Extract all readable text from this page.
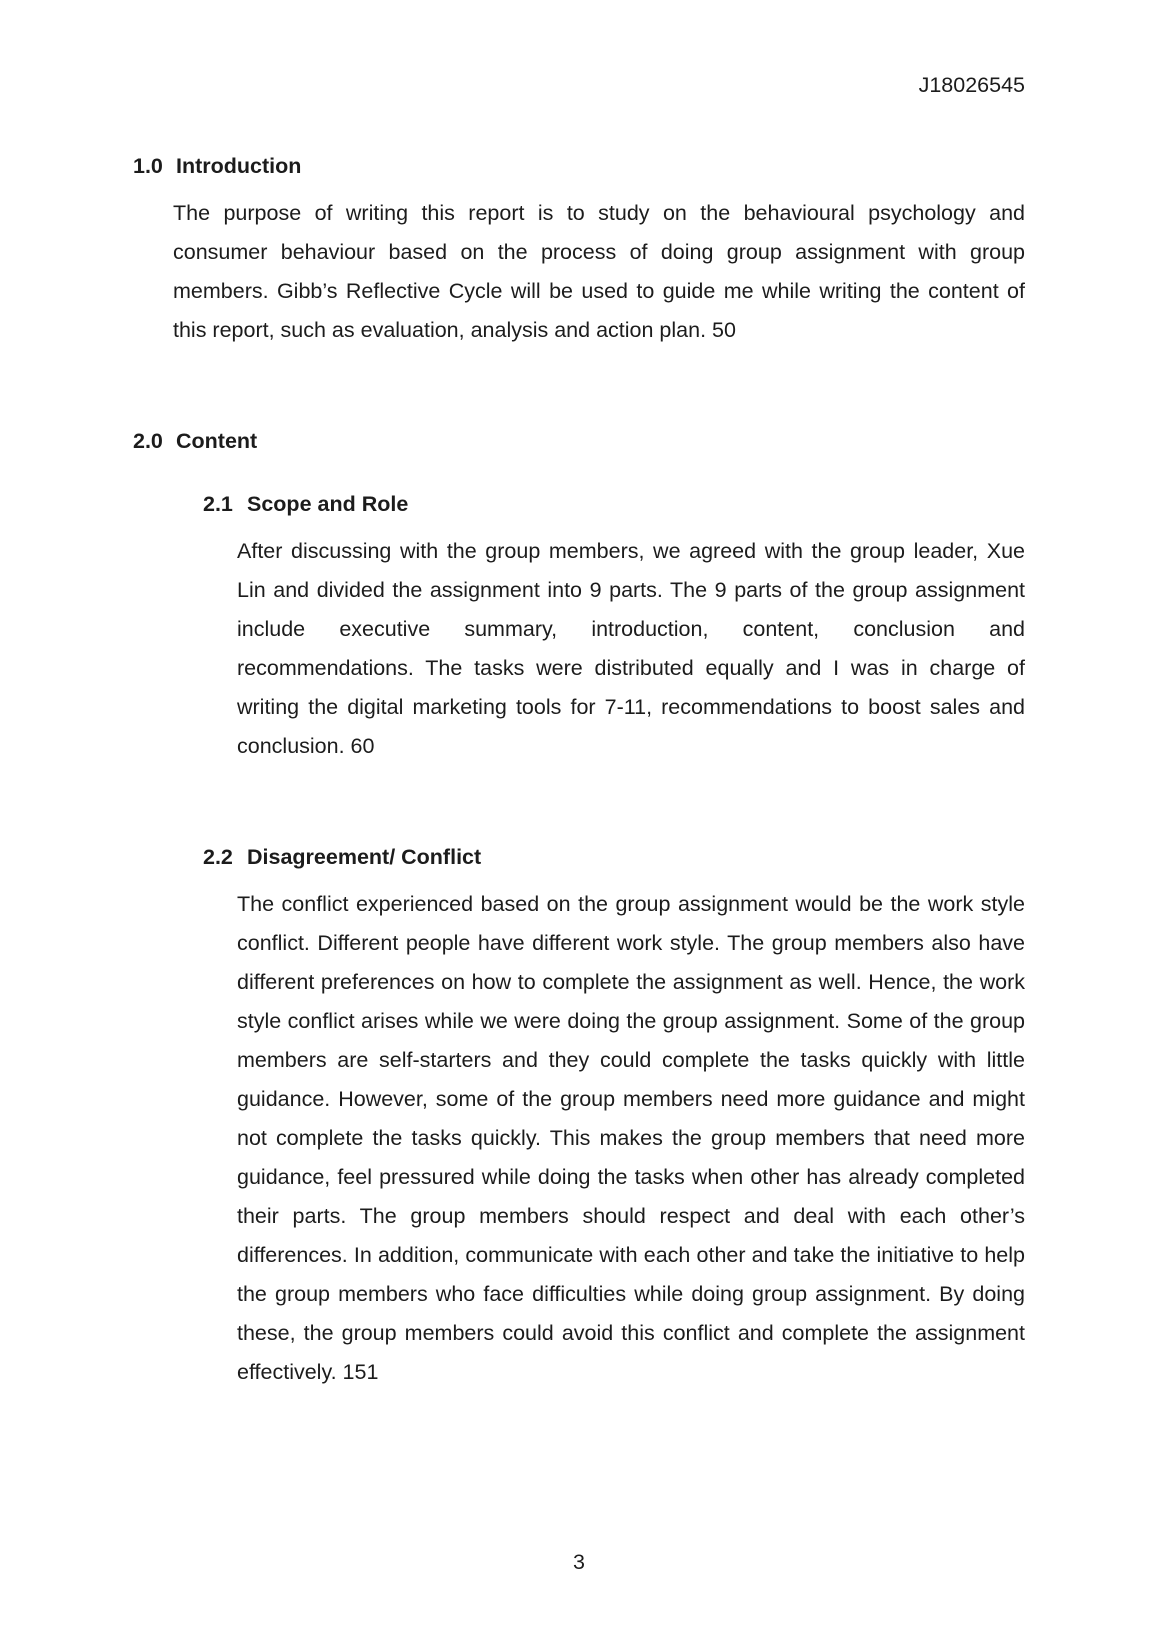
J18026545
1.0 Introduction

The purpose of writing this report is to study on the behavioural psychology and consumer behaviour based on the process of doing group assignment with group members. Gibb’s Reflective Cycle will be used to guide me while writing the content of this report, such as evaluation, analysis and action plan. 50

2.0 Content
2.1 Scope and Role

After discussing with the group members, we agreed with the group leader, Xue Lin and divided the assignment into 9 parts. The 9 parts of the group assignment include executive summary, introduction, content, conclusion and recommendations. The tasks were distributed equally and I was in charge of writing the digital marketing tools for 7-11, recommendations to boost sales and conclusion. 60

2.2 Disagreement/ Conflict

The conflict experienced based on the group assignment would be the work style conflict. Different people have different work style. The group members also have different preferences on how to complete the assignment as well. Hence, the work style conflict arises while we were doing the group assignment. Some of the group members are self-starters and they could complete the tasks quickly with little guidance. However, some of the group members need more guidance and might not complete the tasks quickly. This makes the group members that need more guidance, feel pressured while doing the tasks when other has already completed their parts. The group members should respect and deal with each other’s differences. In addition, communicate with each other and take the initiative to help the group members who face difficulties while doing group assignment. By doing these, the group members could avoid this conflict and complete the assignment effectively. 151

3
